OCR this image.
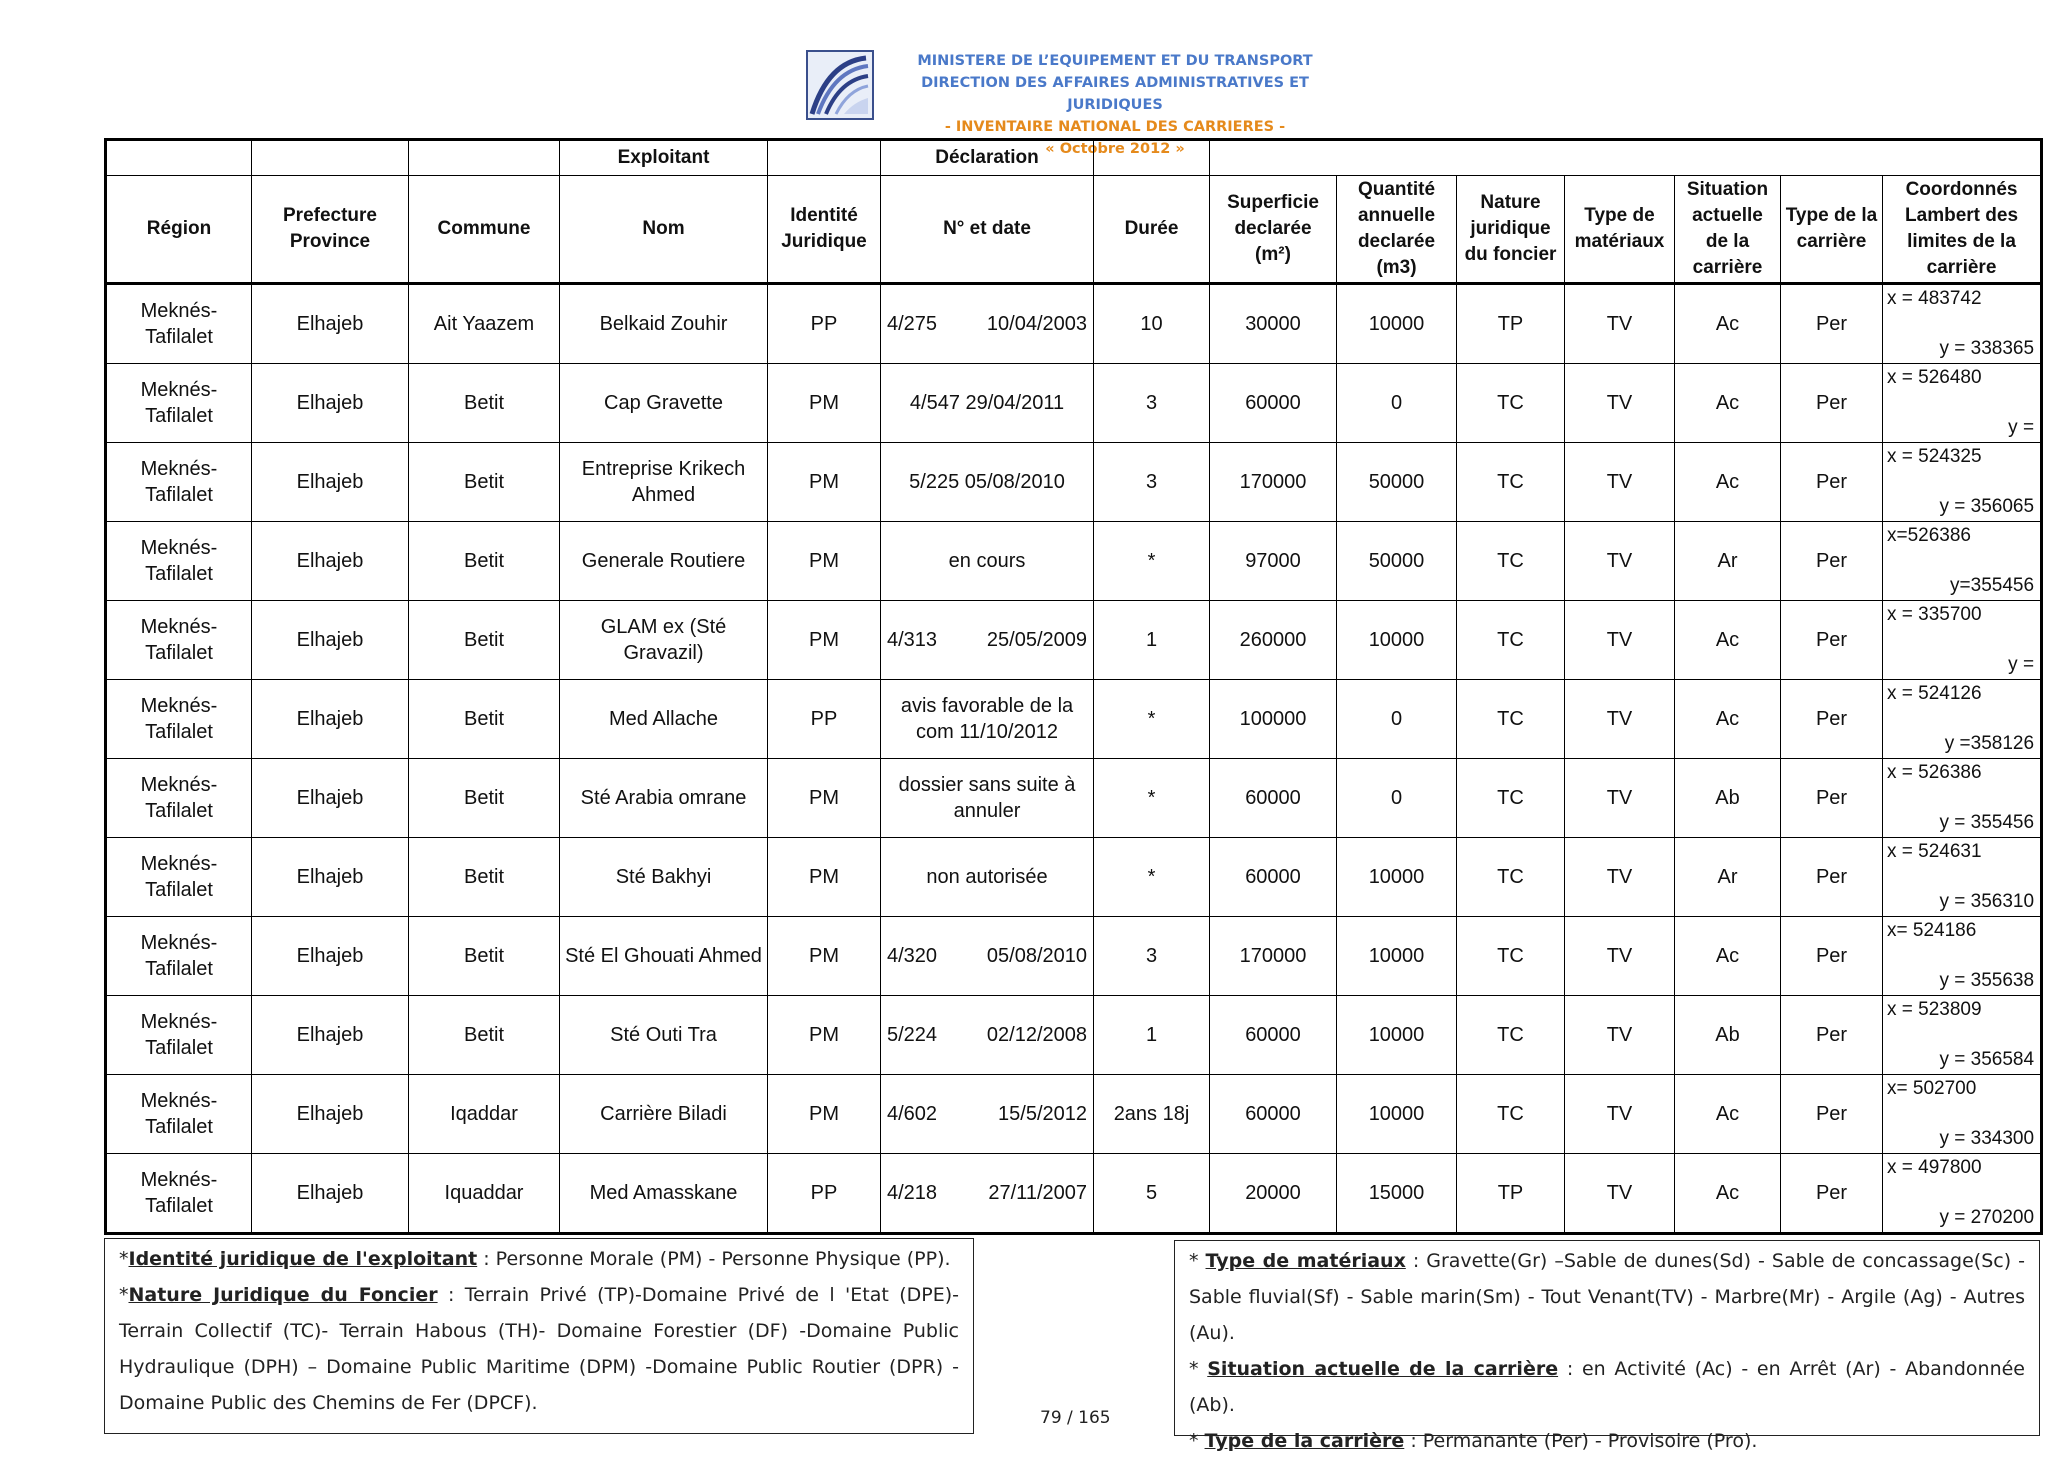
MINISTERE DE L’EQUIPEMENT ET DU TRANSPORT
DIRECTION DES AFFAIRES ADMINISTRATIVES ET JURIDIQUES
- INVENTAIRE NATIONAL DES CARRIERES -
« Octobre 2012 »
			Exploitant		Déclaration								
Région	Prefecture Province	Commune	Nom	Identité Juridique	N° et date	Durée	Superficie declarée (m²)	Quantité annuelle declarée (m3)	Nature juridique du foncier	Type de matériaux	Situation actuelle de la carrière	Type de la carrière	Coordonnés Lambert des limites de la carrière
Meknés-Tafilalet	Elhajeb	Ait Yaazem	Belkaid Zouhir	PP	4/275 10/04/2003	10	30000	10000	TP	TV	Ac	Per	x = 483742
y = 338365

Meknés-Tafilalet	Elhajeb	Betit	Cap Gravette	PM	4/547 29/04/2011	3	60000	0	TC	TV	Ac	Per	x = 526480
y =

Meknés-Tafilalet	Elhajeb	Betit	Entreprise Krikech Ahmed	PM	5/225 05/08/2010	3	170000	50000	TC	TV	Ac	Per	x = 524325
y = 356065

Meknés-Tafilalet	Elhajeb	Betit	Generale Routiere	PM	en cours	*	97000	50000	TC	TV	Ar	Per	x=526386
y=355456

Meknés-Tafilalet	Elhajeb	Betit	GLAM ex (Sté Gravazil)	PM	4/313 25/05/2009	1	260000	10000	TC	TV	Ac	Per	x = 335700
y =

Meknés-Tafilalet	Elhajeb	Betit	Med Allache	PP	avis favorable de la com 11/10/2012	*	100000	0	TC	TV	Ac	Per	x = 524126
y =358126

Meknés-Tafilalet	Elhajeb	Betit	Sté Arabia omrane	PM	dossier sans suite à annuler	*	60000	0	TC	TV	Ab	Per	x = 526386
y = 355456

Meknés-Tafilalet	Elhajeb	Betit	Sté Bakhyi	PM	non autorisée	*	60000	10000	TC	TV	Ar	Per	x = 524631
y = 356310

Meknés-Tafilalet	Elhajeb	Betit	Sté El Ghouati Ahmed	PM	4/320 05/08/2010	3	170000	10000	TC	TV	Ac	Per	x= 524186
y = 355638

Meknés-Tafilalet	Elhajeb	Betit	Sté Outi Tra	PM	5/224 02/12/2008	1	60000	10000	TC	TV	Ab	Per	x = 523809
y = 356584

Meknés-Tafilalet	Elhajeb	Iqaddar	Carrière Biladi	PM	4/602 15/5/2012	2ans 18j	60000	10000	TC	TV	Ac	Per	x= 502700
y = 334300

Meknés-Tafilalet	Elhajeb	Iquaddar	Med Amasskane	PP	4/218 27/11/2007	5	20000	15000	TP	TV	Ac	Per	x = 497800
y = 270200
*Identité juridique de l'exploitant : Personne Morale (PM) - Personne Physique (PP).
*Nature Juridique du Foncier : Terrain Privé (TP)-Domaine Privé de l 'Etat (DPE)- Terrain Collectif (TC)- Terrain Habous (TH)- Domaine Forestier (DF) -Domaine Public Hydraulique (DPH) – Domaine Public Maritime (DPM) -Domaine Public Routier (DPR) - Domaine Public des Chemins de Fer (DPCF).
* Type de matériaux : Gravette(Gr) –Sable de dunes(Sd) - Sable de concassage(Sc) - Sable fluvial(Sf) - Sable marin(Sm) - Tout Venant(TV) - Marbre(Mr) - Argile (Ag) - Autres (Au).
* Situation actuelle de la carrière : en Activité (Ac) - en Arrêt (Ar) - Abandonnée (Ab).
* Type de la carrière : Permanante (Per) - Provisoire (Pro).
79 / 165
